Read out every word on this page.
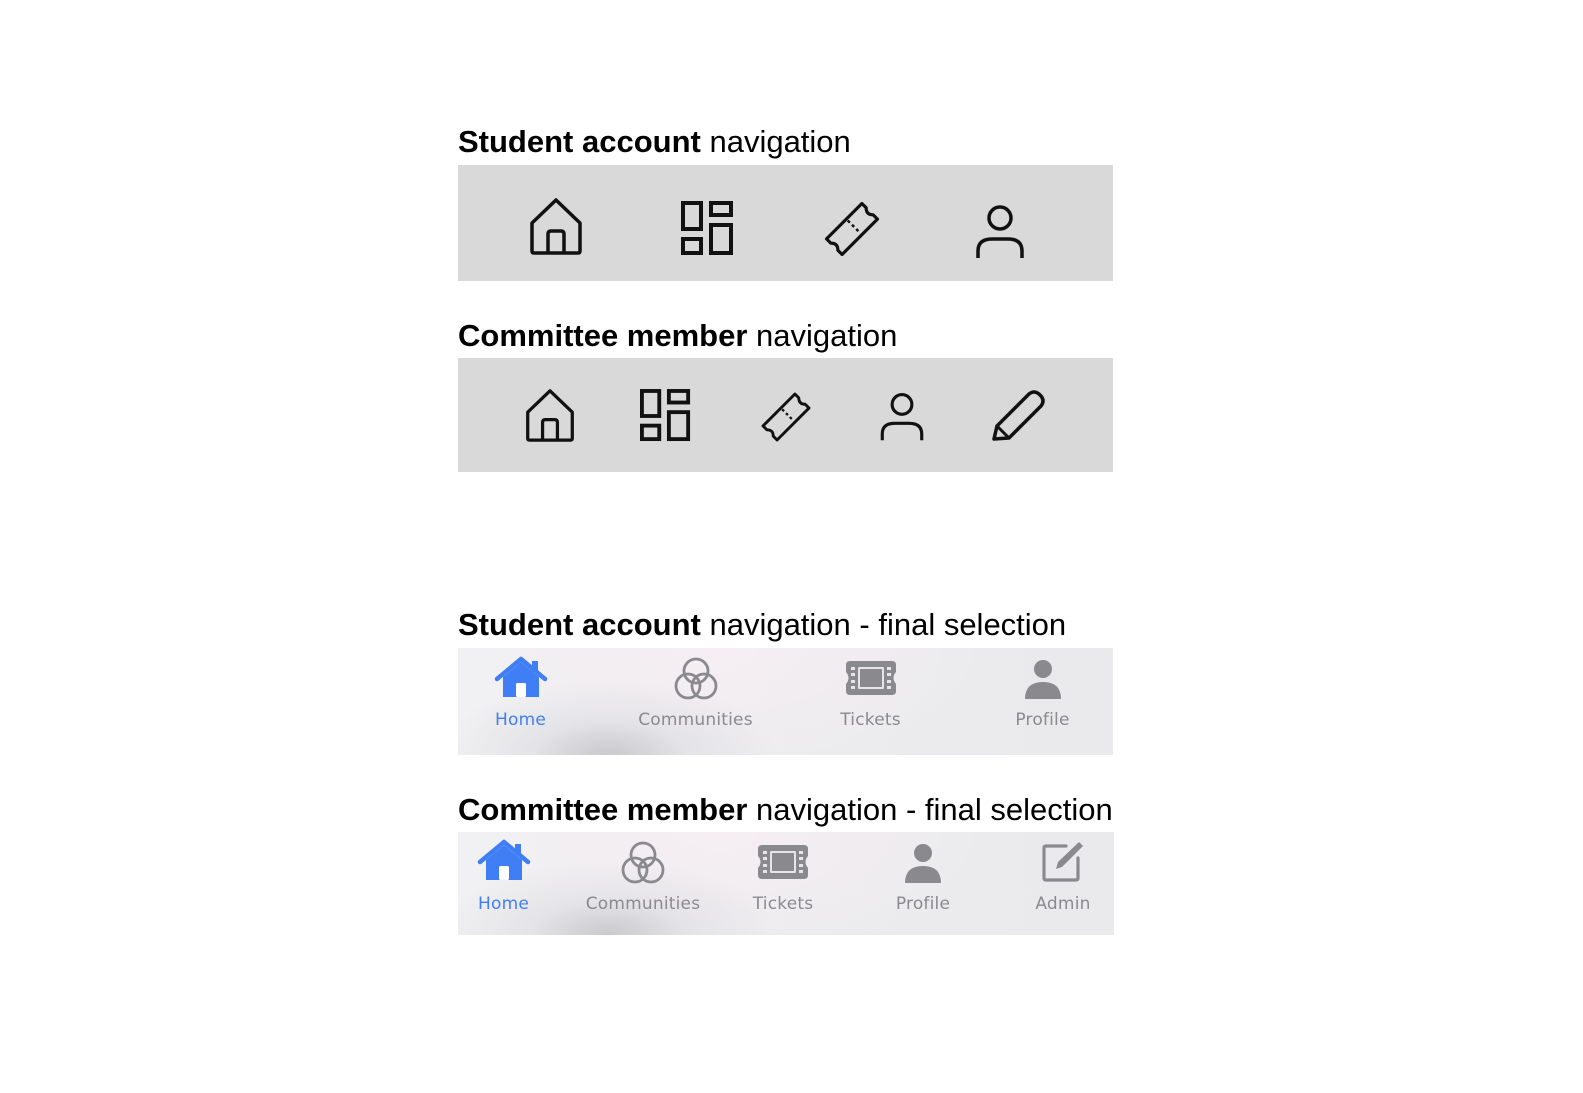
Student account navigation
Committee member navigation
Student account navigation - final selection
Home	Communities	Tickets	Profile
Committee member navigation - final selection
Home	Communities	Tickets	Profile	Admin
